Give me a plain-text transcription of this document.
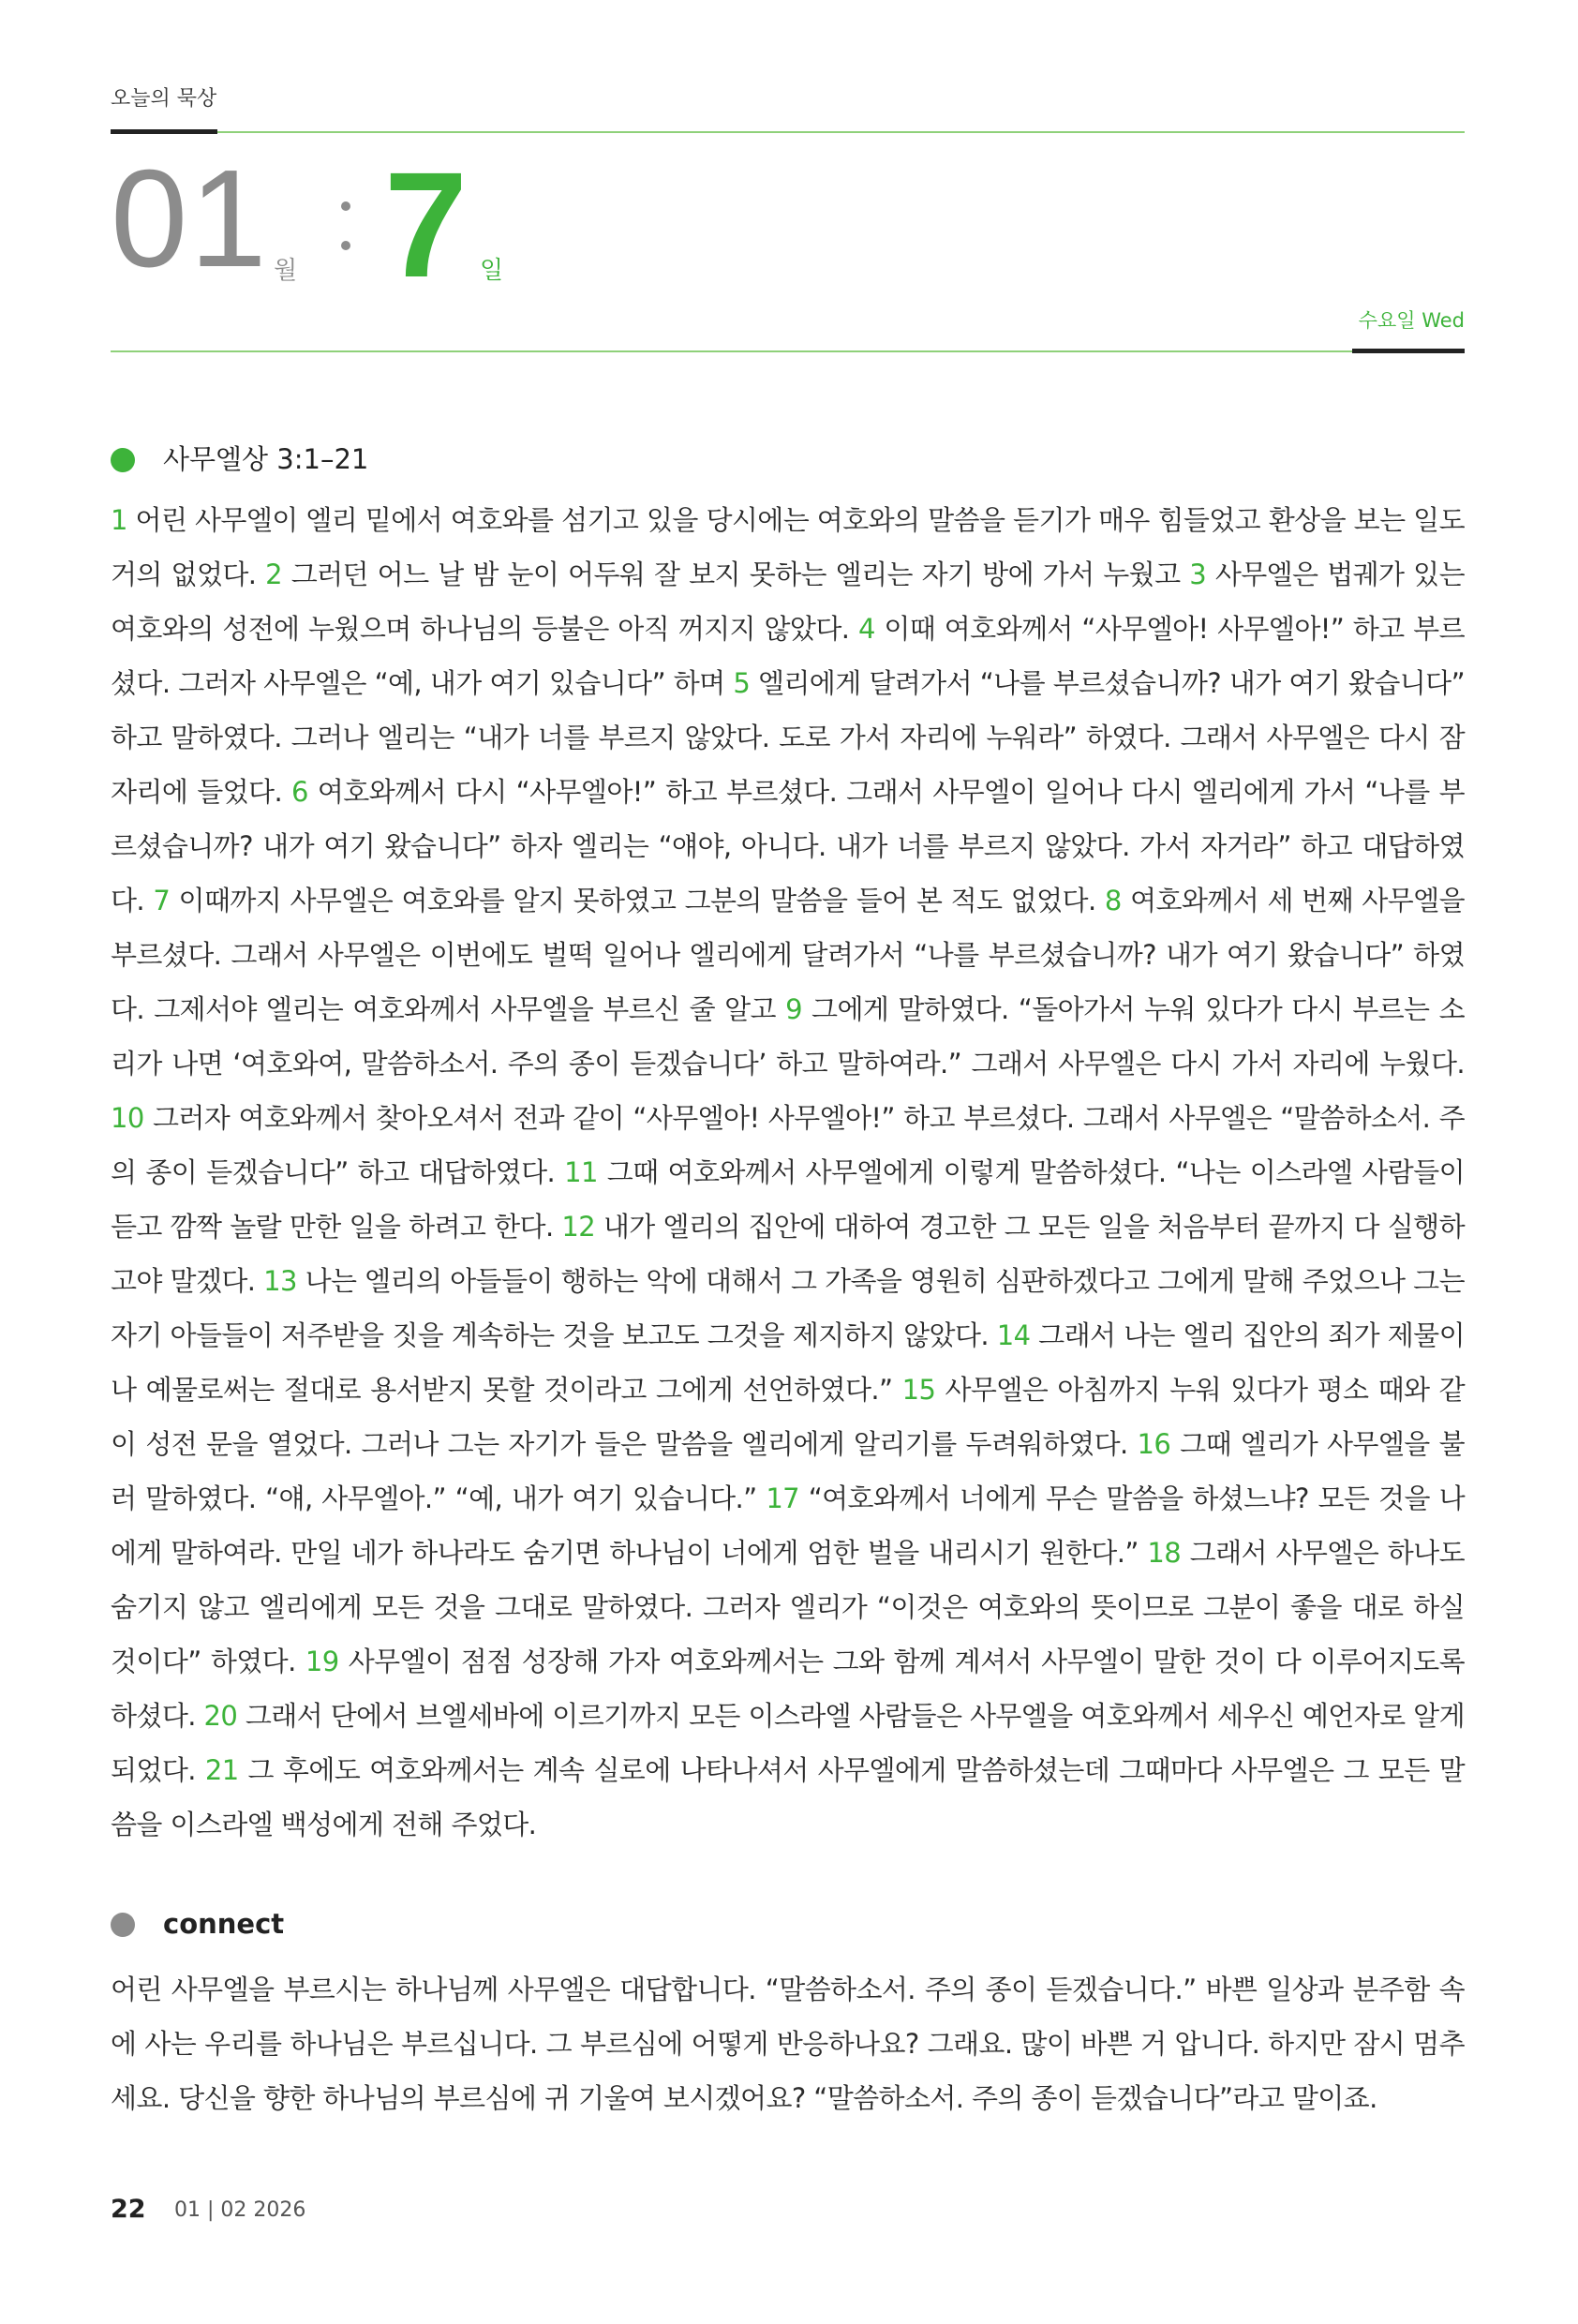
오늘의 묵상
01 월 7 일
수요일 Wed
사무엘상 3:1–21
1 어린 사무엘이 엘리 밑에서 여호와를 섬기고 있을 당시에는 여호와의 말씀을 듣기가 매우 힘들었고 환상을 보는 일도 거의 없었다. 2 그러던 어느 날 밤 눈이 어두워 잘 보지 못하는 엘리는 자기 방에 가서 누웠고 3 사무엘은 법궤가 있는 여호와의 성전에 누웠으며 하나님의 등불은 아직 꺼지지 않았다. 4 이때 여호와께서 “사무엘아! 사무엘아!” 하고 부르셨다. 그러자 사무엘은 “예, 내가 여기 있습니다” 하며 5 엘리에게 달려가서 “나를 부르셨습니까? 내가 여기 왔습니다” 하고 말하였다. 그러나 엘리는 “내가 너를 부르지 않았다. 도로 가서 자리에 누워라” 하였다. 그래서 사무엘은 다시 잠자리에 들었다. 6 여호와께서 다시 “사무엘아!” 하고 부르셨다. 그래서 사무엘이 일어나 다시 엘리에게 가서 “나를 부르셨습니까? 내가 여기 왔습니다” 하자 엘리는 “얘야, 아니다. 내가 너를 부르지 않았다. 가서 자거라” 하고 대답하였다. 7 이때까지 사무엘은 여호와를 알지 못하였고 그분의 말씀을 들어 본 적도 없었다. 8 여호와께서 세 번째 사무엘을 부르셨다. 그래서 사무엘은 이번에도 벌떡 일어나 엘리에게 달려가서 “나를 부르셨습니까? 내가 여기 왔습니다” 하였다. 그제서야 엘리는 여호와께서 사무엘을 부르신 줄 알고 9 그에게 말하였다. “돌아가서 누워 있다가 다시 부르는 소리가 나면 ‘여호와여, 말씀하소서. 주의 종이 듣겠습니다’ 하고 말하여라.” 그래서 사무엘은 다시 가서 자리에 누웠다. 10 그러자 여호와께서 찾아오셔서 전과 같이 “사무엘아! 사무엘아!” 하고 부르셨다. 그래서 사무엘은 “말씀하소서. 주의 종이 듣겠습니다” 하고 대답하였다. 11 그때 여호와께서 사무엘에게 이렇게 말씀하셨다. “나는 이스라엘 사람들이 듣고 깜짝 놀랄 만한 일을 하려고 한다. 12 내가 엘리의 집안에 대하여 경고한 그 모든 일을 처음부터 끝까지 다 실행하고야 말겠다. 13 나는 엘리의 아들들이 행하는 악에 대해서 그 가족을 영원히 심판하겠다고 그에게 말해 주었으나 그는 자기 아들들이 저주받을 짓을 계속하는 것을 보고도 그것을 제지하지 않았다. 14 그래서 나는 엘리 집안의 죄가 제물이나 예물로써는 절대로 용서받지 못할 것이라고 그에게 선언하였다.” 15 사무엘은 아침까지 누워 있다가 평소 때와 같이 성전 문을 열었다. 그러나 그는 자기가 들은 말씀을 엘리에게 알리기를 두려워하였다. 16 그때 엘리가 사무엘을 불러 말하였다. “얘, 사무엘아.” “예, 내가 여기 있습니다.” 17 “여호와께서 너에게 무슨 말씀을 하셨느냐? 모든 것을 나에게 말하여라. 만일 네가 하나라도 숨기면 하나님이 너에게 엄한 벌을 내리시기 원한다.” 18 그래서 사무엘은 하나도 숨기지 않고 엘리에게 모든 것을 그대로 말하였다. 그러자 엘리가 “이것은 여호와의 뜻이므로 그분이 좋을 대로 하실 것이다” 하였다. 19 사무엘이 점점 성장해 가자 여호와께서는 그와 함께 계셔서 사무엘이 말한 것이 다 이루어지도록 하셨다. 20 그래서 단에서 브엘세바에 이르기까지 모든 이스라엘 사람들은 사무엘을 여호와께서 세우신 예언자로 알게 되었다. 21 그 후에도 여호와께서는 계속 실로에 나타나셔서 사무엘에게 말씀하셨는데 그때마다 사무엘은 그 모든 말씀을 이스라엘 백성에게 전해 주었다.
connect
어린 사무엘을 부르시는 하나님께 사무엘은 대답합니다. “말씀하소서. 주의 종이 듣겠습니다.” 바쁜 일상과 분주함 속에 사는 우리를 하나님은 부르십니다. 그 부르심에 어떻게 반응하나요? 그래요. 많이 바쁜 거 압니다. 하지만 잠시 멈추세요. 당신을 향한 하나님의 부르심에 귀 기울여 보시겠어요? “말씀하소서. 주의 종이 듣겠습니다”라고 말이죠.
22 01 | 02 2026
